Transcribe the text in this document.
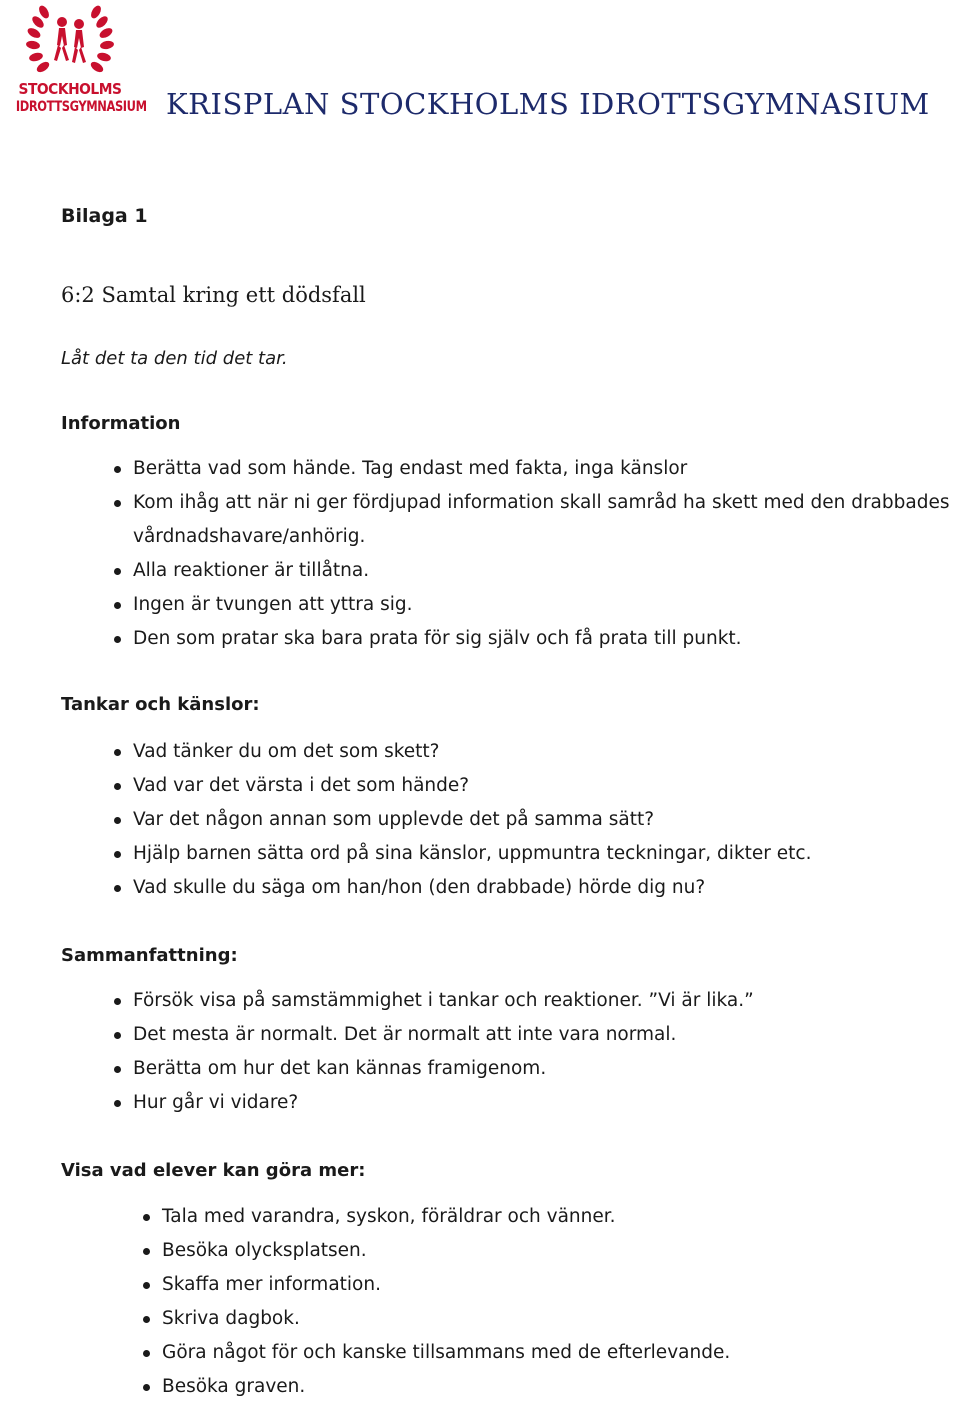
STOCKHOLMS
IDROTTSGYMNASIUM KRISPLAN STOCKHOLMS IDROTTSGYMNASIUM
Bilaga 1
6:2 Samtal kring ett dödsfall
Låt det ta den tid det tar.
Information
Berätta vad som hände. Tag endast med fakta, inga känslor
Kom ihåg att när ni ger fördjupad information skall samråd ha skett med den drabbades
vårdnadshavare/anhörig.
Alla reaktioner är tillåtna.
Ingen är tvungen att yttra sig.
Den som pratar ska bara prata för sig själv och få prata till punkt.
Tankar och känslor:
Vad tänker du om det som skett?
Vad var det värsta i det som hände?
Var det någon annan som upplevde det på samma sätt?
Hjälp barnen sätta ord på sina känslor, uppmuntra teckningar, dikter etc.
Vad skulle du säga om han/hon (den drabbade) hörde dig nu?
Sammanfattning:
Försök visa på samstämmighet i tankar och reaktioner. ”Vi är lika.”
Det mesta är normalt. Det är normalt att inte vara normal.
Berätta om hur det kan kännas framigenom.
Hur går vi vidare?
Visa vad elever kan göra mer:
Tala med varandra, syskon, föräldrar och vänner.
Besöka olycksplatsen.
Skaffa mer information.
Skriva dagbok.
Göra något för och kanske tillsammans med de efterlevande.
Besöka graven.
